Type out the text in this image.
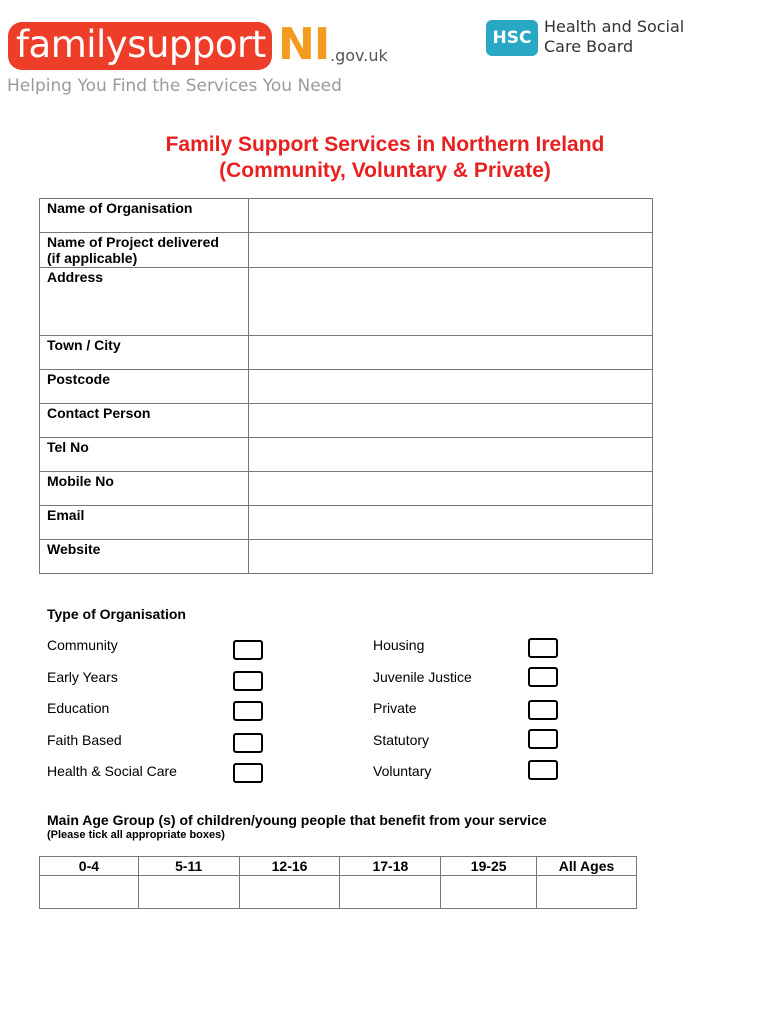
familysupport NI .gov.uk
Helping You Find the Services You Need
HSC
Health and Social
Care Board
Family Support Services in Northern Ireland
(Community, Voluntary & Private)
Name of Organisation	

Name of Project delivered
(if applicable)	

Address	
Town / City	
Postcode	
Contact Person	
Tel No	
Mobile No	
Email	
Website	
Type of Organisation
Community
Early Years
Education
Faith Based
Health & Social Care
Housing
Juvenile Justice
Private
Statutory
Voluntary
Main Age Group (s) of children/young people that benefit from your service
(Please tick all appropriate boxes)
0-4	5-11	12-16	17-18	19-25	All Ages
